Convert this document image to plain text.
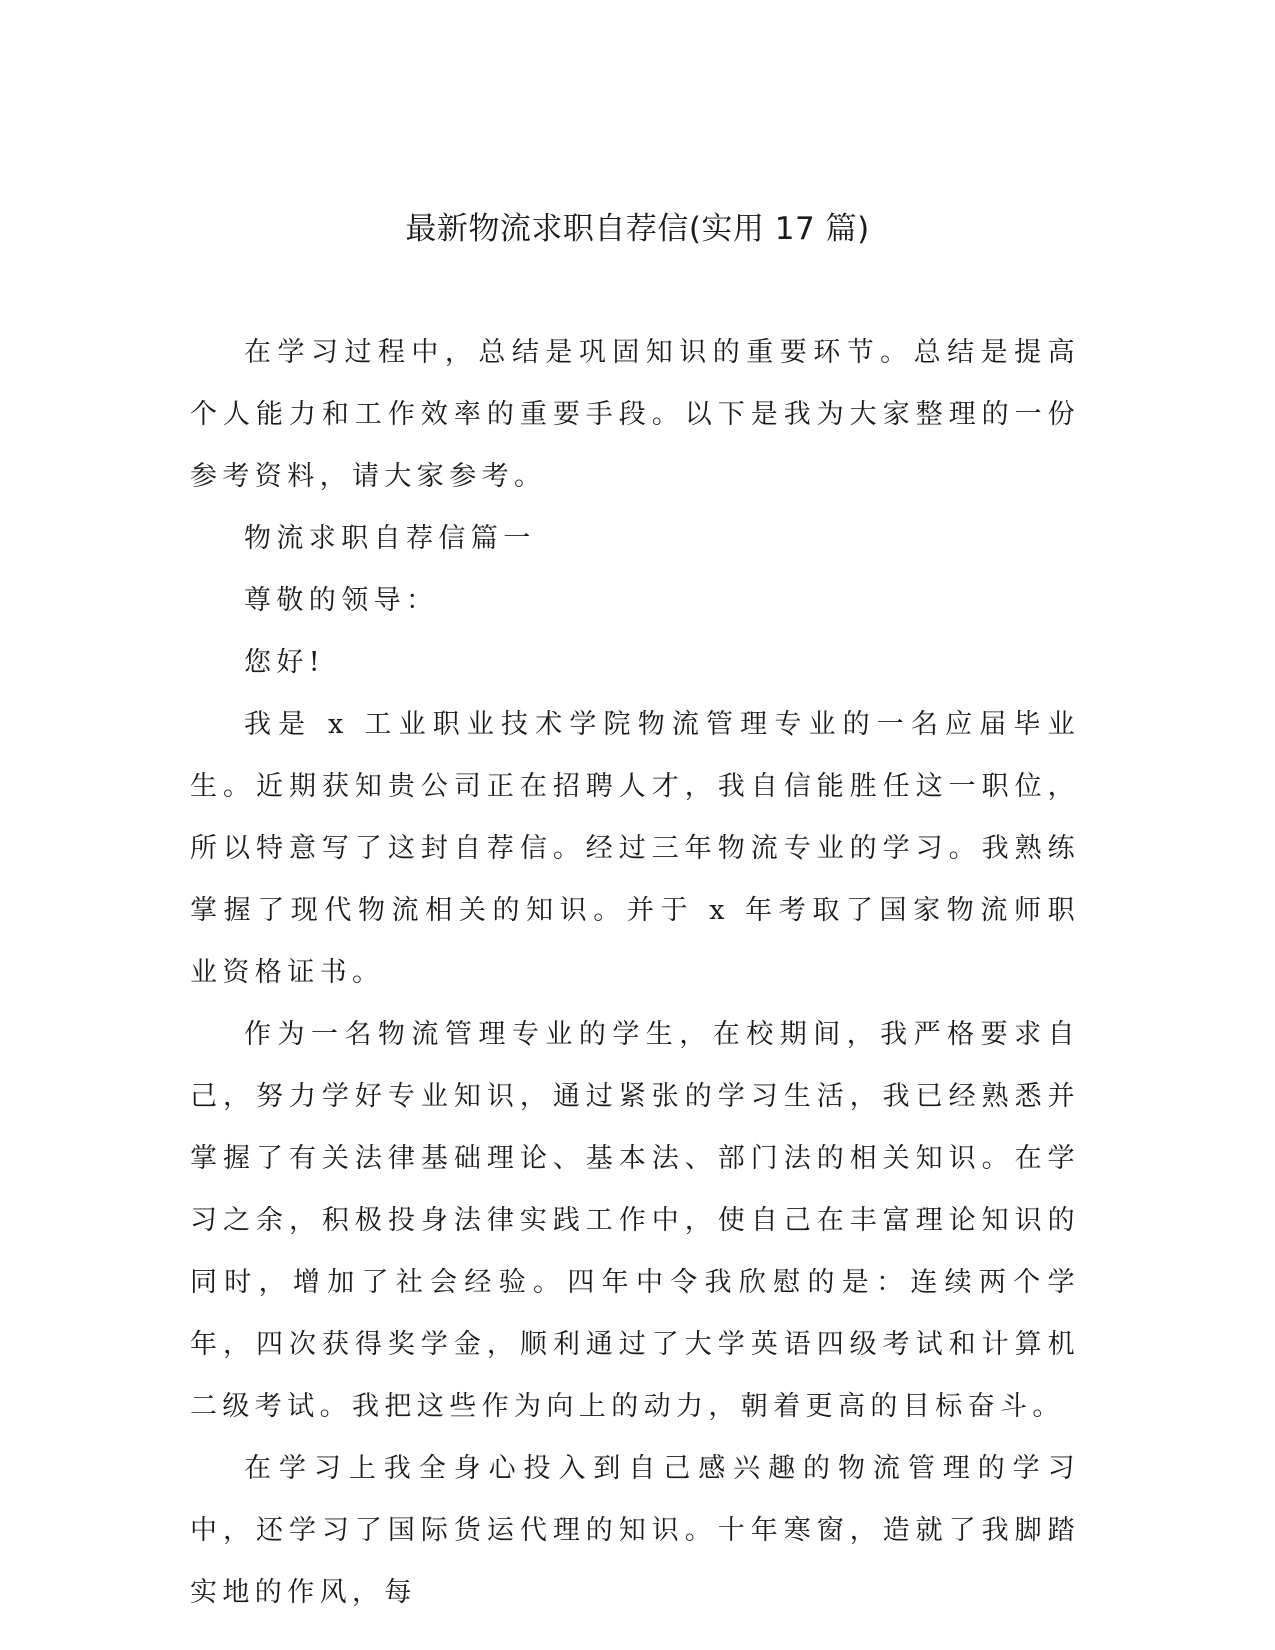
最新物流求职自荐信(实用 17 篇)

在学习过程中，总结是巩固知识的重要环节。总结是提高个人能力和工作效率的重要手段。以下是我为大家整理的一份参考资料，请大家参考。

物流求职自荐信篇一

尊敬的领导：

您好!

我是 x 工业职业技术学院物流管理专业的一名应届毕业生。近期获知贵公司正在招聘人才，我自信能胜任这一职位，所以特意写了这封自荐信。经过三年物流专业的学习。我熟练掌握了现代物流相关的知识。并于 x 年考取了国家物流师职业资格证书。

作为一名物流管理专业的学生，在校期间，我严格要求自己，努力学好专业知识，通过紧张的学习生活，我已经熟悉并掌握了有关法律基础理论、基本法、部门法的相关知识。在学习之余，积极投身法律实践工作中，使自己在丰富理论知识的同时，增加了社会经验。四年中令我欣慰的是：连续两个学年，四次获得奖学金，顺利通过了大学英语四级考试和计算机二级考试。我把这些作为向上的动力，朝着更高的目标奋斗。

在学习上我全身心投入到自己感兴趣的物流管理的学习中，还学习了国际货运代理的知识。十年寒窗，造就了我脚踏实地的作风，每
